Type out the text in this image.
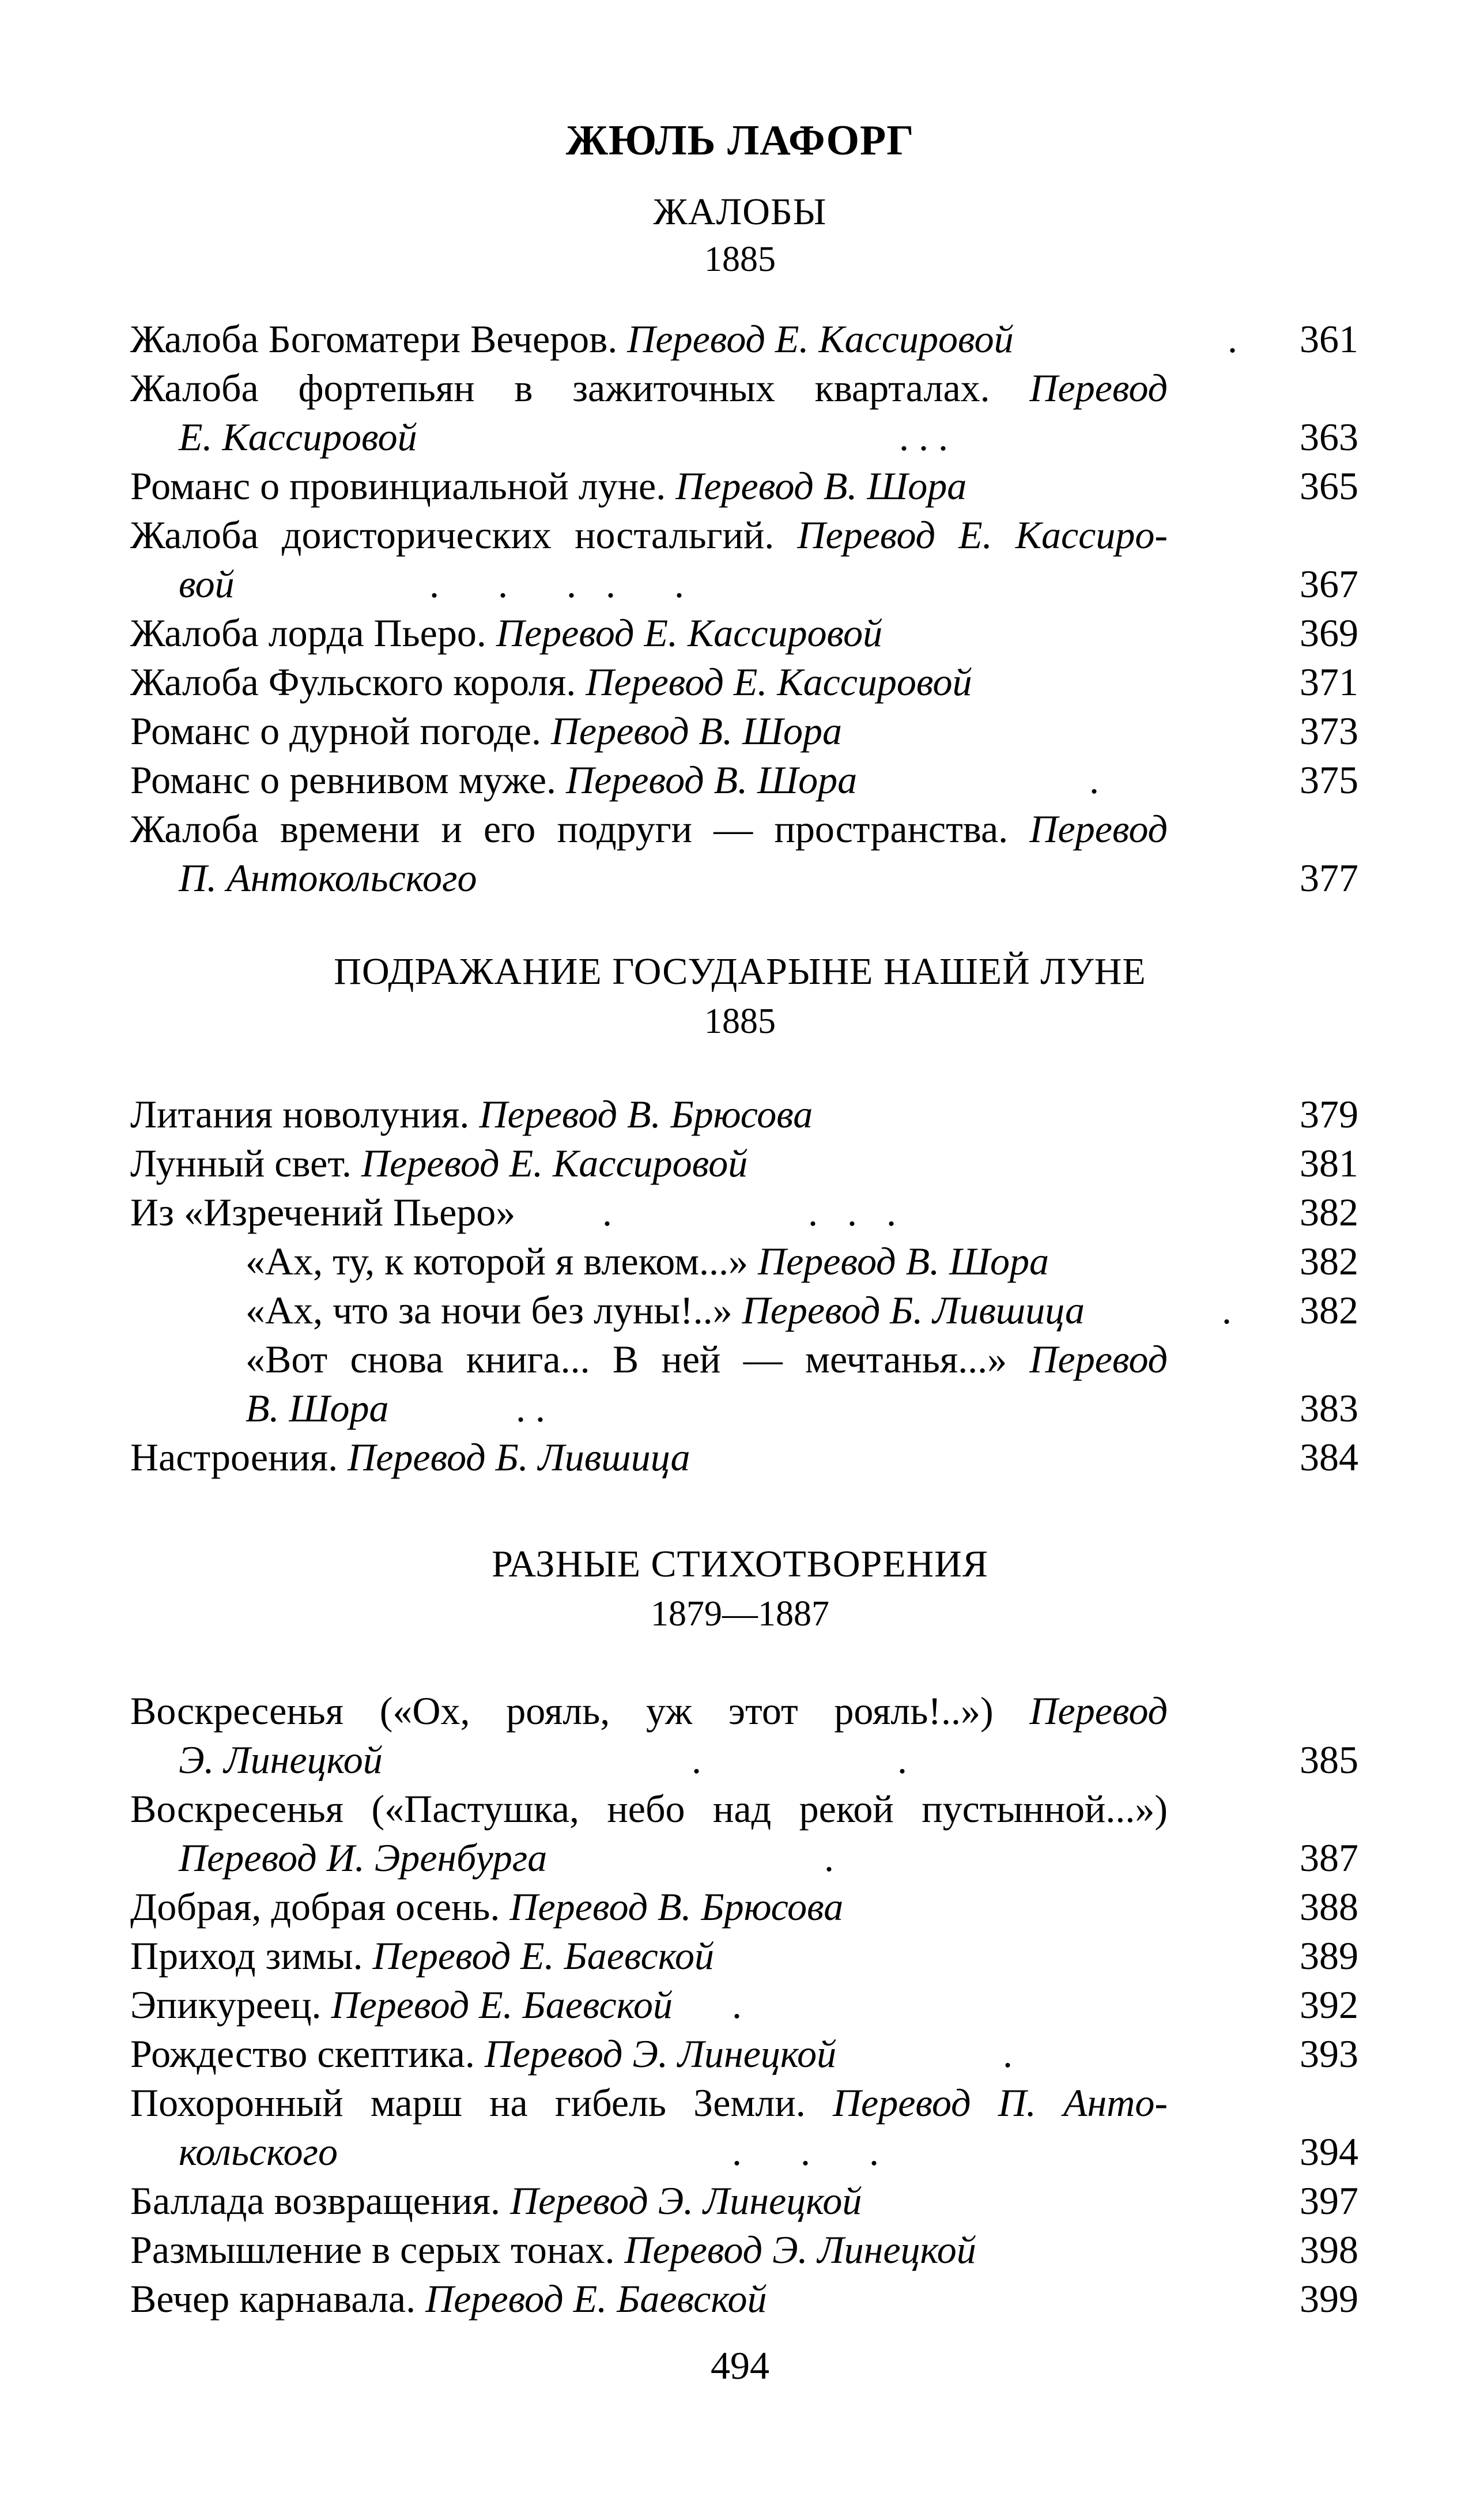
ЖЮЛЬ ЛАФОРГ
ЖАЛОБЫ
1885
Жалоба Богоматери Вечеров. Перевод Е. Кассировой	. 361
Жалоба фортепьян в зажиточных кварталах. Перевод
Е. Кассировой	. . .	363
Романс о провинциальной луне. Перевод В. Шора	365
Жалоба доисторических ностальгий. Перевод Е. Кассиро-
вой	.      .      .   .      .	367
Жалоба лорда Пьеро. Перевод Е. Кассировой	369
Жалоба Фульского короля. Перевод Е. Кассировой	371
Романс о дурной погоде. Перевод В. Шора	373
Романс о ревнивом муже. Перевод В. Шора	.	375
Жалоба времени и его подруги — пространства. Перевод
П. Антокольского	377
ПОДРАЖАНИЕ ГОСУДАРЫНЕ НАШЕЙ ЛУНЕ
1885
Литания новолуния. Перевод В. Брюсова	379
Лунный свет. Перевод Е. Кассировой	381
Из «Изречений Пьеро»	.                    .   .   .	382
«Ах, ту, к которой я влеком...» Перевод В. Шора	382
«Ах, что за ночи без луны!..» Перевод Б. Лившица	. 382
«Вот снова книга... В ней — мечтанья...» Перевод
В. Шора	. .	383
Настроения. Перевод Б. Лившица	384
РАЗНЫЕ СТИХОТВОРЕНИЯ
1879—1887
Воскресенья («Ох, рояль, уж этот рояль!..») Перевод
Э. Линецкой	.                    .	385
Воскресенья («Пастушка, небо над рекой пустынной...»)
Перевод И. Эренбурга	.	387
Добрая, добрая осень. Перевод В. Брюсова	388
Приход зимы. Перевод Е. Баевской	389
Эпикуреец. Перевод Е. Баевской	.	392
Рождество скептика. Перевод Э. Линецкой	.	393
Похоронный марш на гибель Земли. Перевод П. Анто-
кольского	.      .      .	394
Баллада возвращения. Перевод Э. Линецкой	397
Размышление в серых тонах. Перевод Э. Линецкой	398
Вечер карнавала. Перевод Е. Баевской	399
494
